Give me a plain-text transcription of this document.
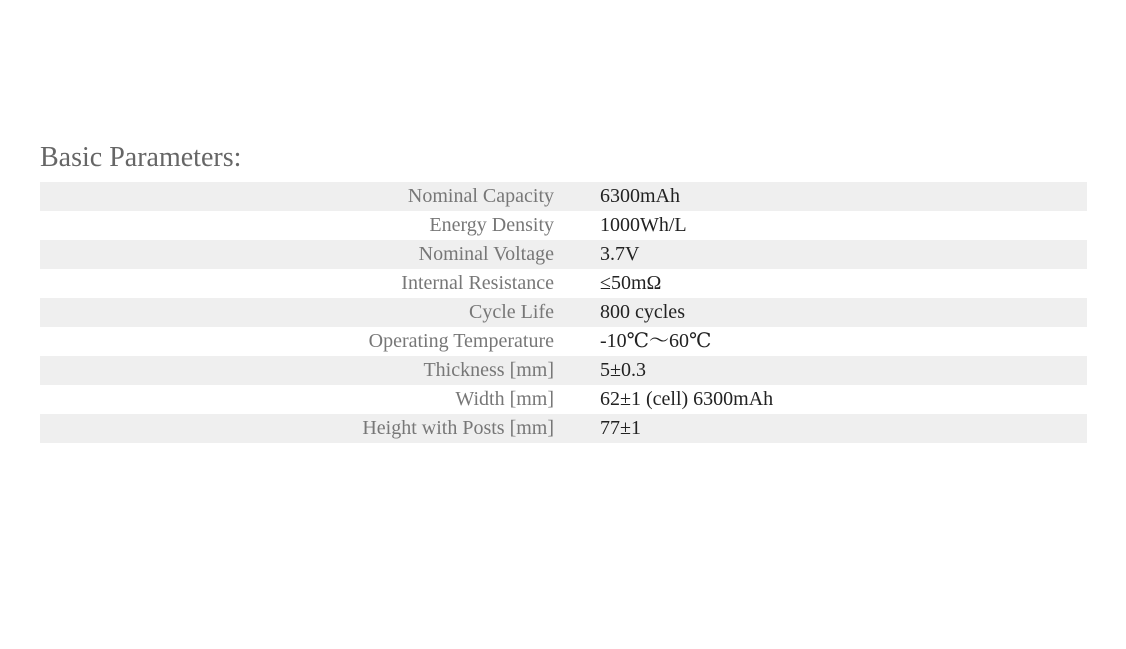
Basic Parameters:
Nominal Capacity		6300mAh
Energy Density		1000Wh/L
Nominal Voltage		3.7V
Internal Resistance		≤50mΩ
Cycle Life		800 cycles
Operating Temperature		-10℃～60℃
Thickness [mm]		5±0.3
Width [mm]		62±1 (cell) 6300mAh
Height with Posts [mm]		77±1
